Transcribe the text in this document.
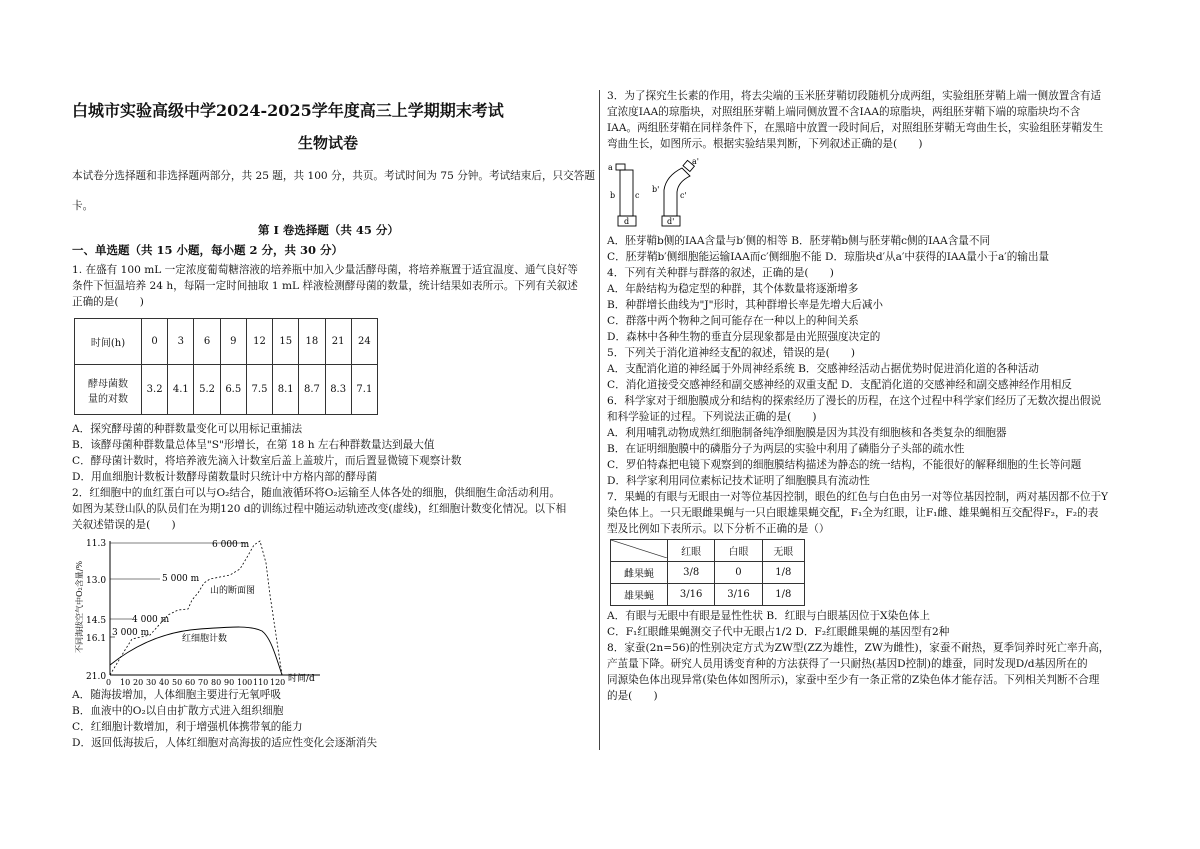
白城市实验高级中学2024-2025学年度高三上学期期末考试
生物试卷
本试卷分选择题和非选择题两部分，共 25 题，共 100 分，共页。考试时间为 75 分钟。考试结束后，只交答题
卡。
第 I 卷选择题（共 45 分）
一、单选题（共 15 小题，每小题 2 分，共 30 分）
1. 在盛有 100 mL 一定浓度葡萄糖溶液的培养瓶中加入少量活酵母菌，将培养瓶置于适宜温度、通气良好等
条件下恒温培养 24 h，每隔一定时间抽取 1 mL 样液检测酵母菌的数量，统计结果如表所示。下列有关叙述
正确的是(　　)
时间(h)	0	3	6	9	12	15	18	21	24

酵母菌数
量的对数	3.2	4.1	5.2	6.5	7.5	8.1	8.7	8.3	7.1
A．探究酵母菌的种群数量变化可以用标记重捕法
B．该酵母菌种群数量总体呈"S"形增长，在第 18 h 左右种群数量达到最大值
C．酵母菌计数时，将培养液先滴入计数室后盖上盖玻片，而后置显微镜下观察计数
D．用血细胞计数板计数酵母菌数量时只统计中方格内部的酵母菌
2．红细胞中的血红蛋白可以与O₂结合，随血液循环将O₂运输至人体各处的细胞，供细胞生命活动利用。
如图为某登山队的队员们在为期120 d的训练过程中随运动轨迹改变(虚线)，红细胞计数变化情况。以下相
关叙述错误的是(　　)
不同海拔空气中O₂含量/%
11.3
13.0
14.5
16.1
21.0
6 000 m
5 000 m
4 000 m
3 000 m
山的断面图
红细胞计数
0 10 20 30 40 50 60 70 80 90 100 110 120 时间/d
A．随海拔增加，人体细胞主要进行无氧呼吸
B．血液中的O₂以自由扩散方式进入组织细胞
C．红细胞计数增加，利于增强机体携带氧的能力
D．返回低海拔后，人体红细胞对高海拔的适应性变化会逐渐消失
3．为了探究生长素的作用，将去尖端的玉米胚芽鞘切段随机分成两组，实验组胚芽鞘上端一侧放置含有适
宜浓度IAA的琼脂块，对照组胚芽鞘上端同侧放置不含IAA的琼脂块，两组胚芽鞘下端的琼脂块均不含
IAA。两组胚芽鞘在同样条件下，在黑暗中放置一段时间后，对照组胚芽鞘无弯曲生长，实验组胚芽鞘发生
弯曲生长，如图所示。根据实验结果判断，下列叙述正确的是(　　)
a
b c
d
a'
b'
c'
d'
A．胚芽鞘b侧的IAA含量与b′侧的相等 B．胚芽鞘b侧与胚芽鞘c侧的IAA含量不同
C．胚芽鞘b′侧细胞能运输IAA而c′侧细胞不能 D．琼脂块d′从a′中获得的IAA量小于a′的输出量
4．下列有关种群与群落的叙述，正确的是(　　)
A．年龄结构为稳定型的种群，其个体数量将逐渐增多
B．种群增长曲线为"J"形时，其种群增长率是先增大后减小
C．群落中两个物种之间可能存在一种以上的种间关系
D．森林中各种生物的垂直分层现象都是由光照强度决定的
5．下列关于消化道神经支配的叙述，错误的是(　　)
A．支配消化道的神经属于外周神经系统 B．交感神经活动占据优势时促进消化道的各种活动
C．消化道接受交感神经和副交感神经的双重支配 D．支配消化道的交感神经和副交感神经作用相反
6．科学家对于细胞膜成分和结构的探索经历了漫长的历程，在这个过程中科学家们经历了无数次提出假说
和科学验证的过程。下列说法正确的是(　　)
A．利用哺乳动物成熟红细胞制备纯净细胞膜是因为其没有细胞核和各类复杂的细胞器
B．在证明细胞膜中的磷脂分子为两层的实验中利用了磷脂分子头部的疏水性
C．罗伯特森把电镜下观察到的细胞膜结构描述为静态的统一结构，不能很好的解释细胞的生长等问题
D．科学家利用同位素标记技术证明了细胞膜具有流动性
7．果蝇的有眼与无眼由一对等位基因控制，眼色的红色与白色由另一对等位基因控制，两对基因都不位于Y
染色体上。一只无眼雌果蝇与一只白眼雄果蝇交配，F₁全为红眼，让F₁雌、雄果蝇相互交配得F₂，F₂的表
型及比例如下表所示。以下分析不正确的是（）
	红眼	白眼	无眼
雌果蝇	3/8	0	1/8
雄果蝇	3/16	3/16	1/8
A．有眼与无眼中有眼是显性性状 B．红眼与白眼基因位于X染色体上
C．F₁红眼雌果蝇测交子代中无眼占1/2 D．F₂红眼雌果蝇的基因型有2种
8．家蚕(2n=56)的性别决定方式为ZW型(ZZ为雄性，ZW为雌性)，家蚕不耐热，夏季饲养时死亡率升高，
产茧量下降。研究人员用诱变育种的方法获得了一只耐热(基因D控制)的雄蚕，同时发现D/d基因所在的
同源染色体出现异常(染色体如图所示)，家蚕中至少有一条正常的Z染色体才能存活。下列相关判断不合理
的是(　　)
